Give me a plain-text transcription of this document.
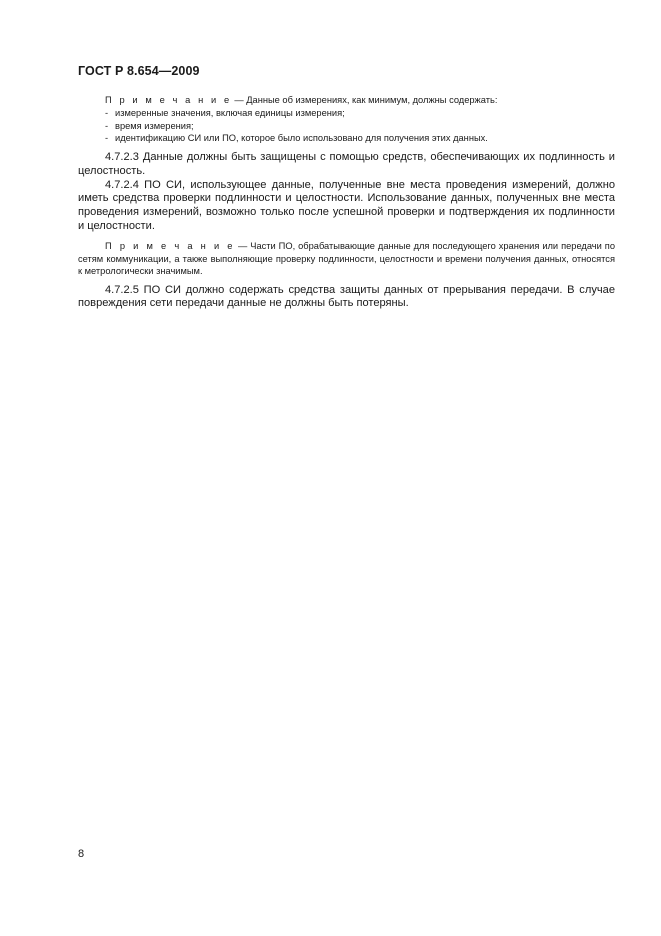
ГОСТ Р 8.654—2009

П р и м е ч а н и е — Данные об измерениях, как минимум, должны содержать:

- измеренные значения, включая единицы измерения;

- время измерения;

- идентификацию СИ или ПО, которое было использовано для получения этих данных.

4.7.2.3 Данные должны быть защищены с помощью средств, обеспечивающих их подлинность и целостность.

4.7.2.4 ПО СИ, использующее данные, полученные вне места проведения измерений, должно иметь средства проверки подлинности и целостности. Использование данных, полученных вне места проведения измерений, возможно только после успешной проверки и подтверждения их подлинности и целостности.

П р и м е ч а н и е — Части ПО, обрабатывающие данные для последующего хранения или передачи по сетям коммуникации, а также выполняющие проверку подлинности, целостности и времени получения данных, относятся к метрологически значимым.

4.7.2.5 ПО СИ должно содержать средства защиты данных от прерывания передачи. В случае повреждения сети передачи данные не должны быть потеряны.

8
